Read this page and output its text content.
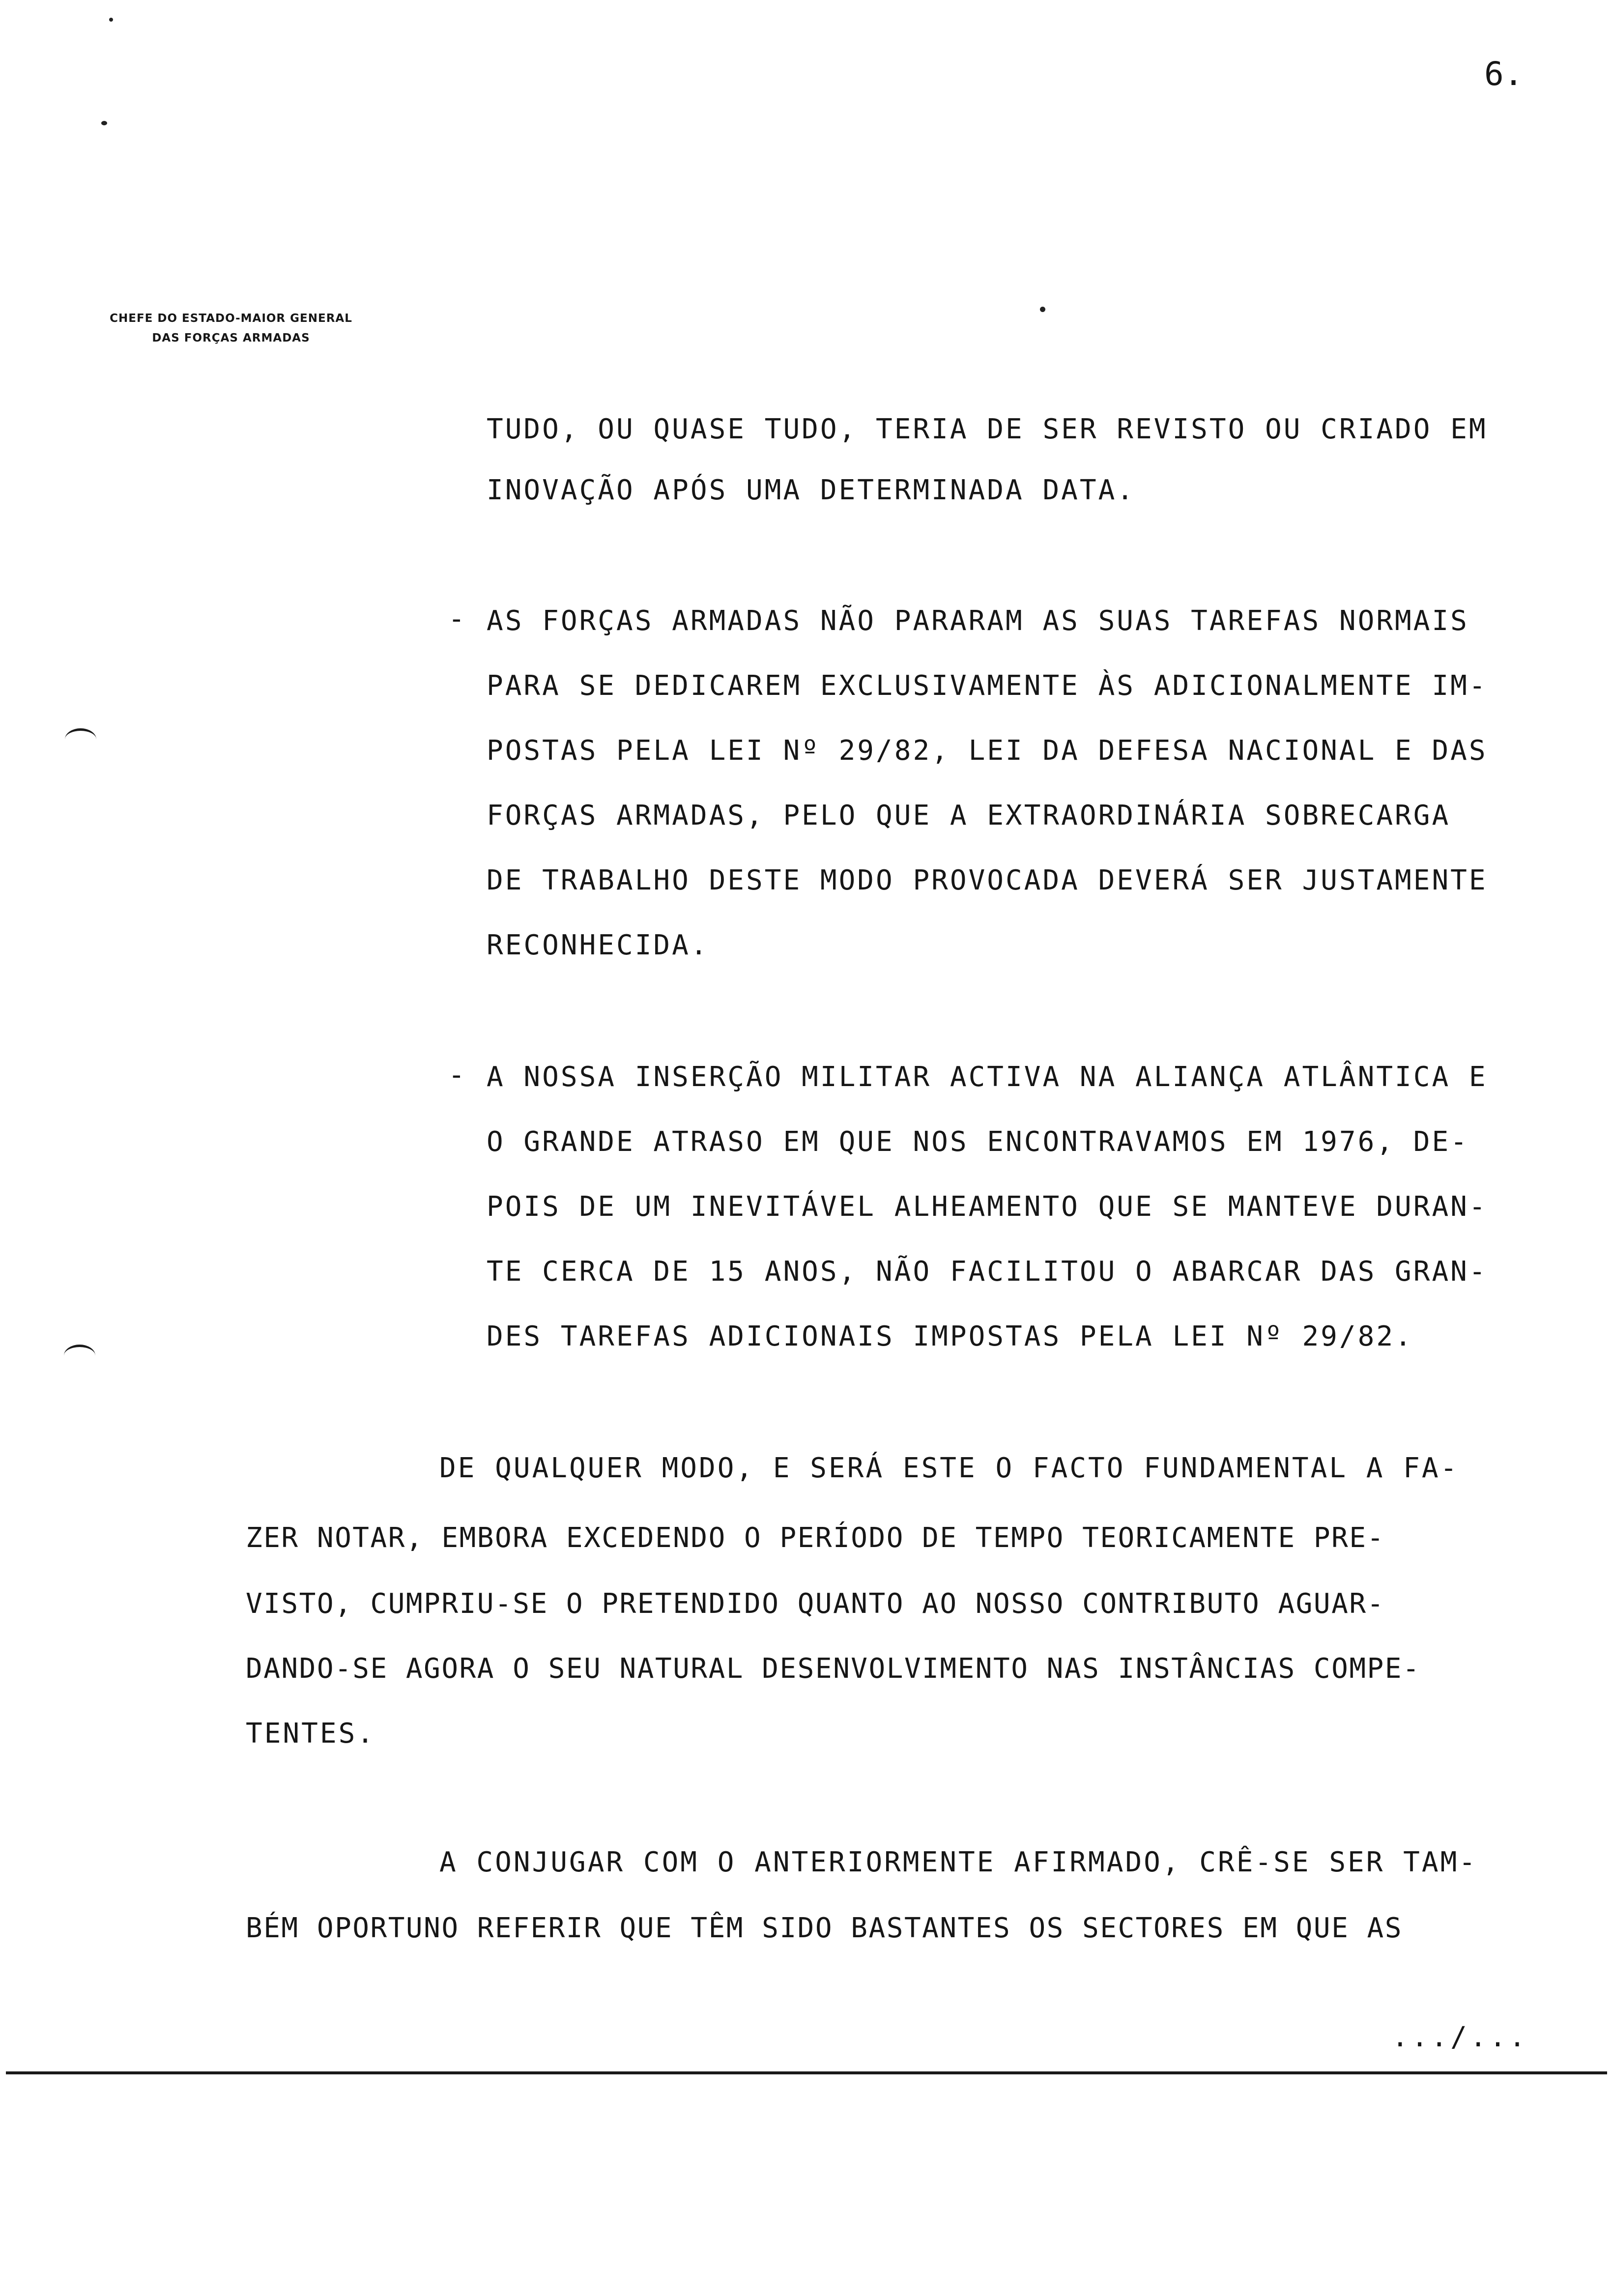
6.
CHEFE DO ESTADO-MAIOR GENERAL
DAS FORÇAS ARMADAS
TUDO, OU QUASE TUDO, TERIA DE SER REVISTO OU CRIADO EM
INOVAÇÃO APÓS UMA DETERMINADA DATA.
- AS FORÇAS ARMADAS NÃO PARARAM AS SUAS TAREFAS NORMAIS
PARA SE DEDICAREM EXCLUSIVAMENTE ÀS ADICIONALMENTE IM-
POSTAS PELA LEI Nº 29/82, LEI DA DEFESA NACIONAL E DAS
FORÇAS ARMADAS, PELO QUE A EXTRAORDINÁRIA SOBRECARGA
DE TRABALHO DESTE MODO PROVOCADA DEVERÁ SER JUSTAMENTE
RECONHECIDA.
- A NOSSA INSERÇÃO MILITAR ACTIVA NA ALIANÇA ATLÂNTICA E
O GRANDE ATRASO EM QUE NOS ENCONTRAVAMOS EM 1976, DE-
POIS DE UM INEVITÁVEL ALHEAMENTO QUE SE MANTEVE DURAN-
TE CERCA DE 15 ANOS, NÃO FACILITOU O ABARCAR DAS GRAN-
DES TAREFAS ADICIONAIS IMPOSTAS PELA LEI Nº 29/82.
DE QUALQUER MODO, E SERÁ ESTE O FACTO FUNDAMENTAL A FA-
ZER NOTAR, EMBORA EXCEDENDO O PERÍODO DE TEMPO TEORICAMENTE PRE-
VISTO, CUMPRIU-SE O PRETENDIDO QUANTO AO NOSSO CONTRIBUTO AGUAR-
DANDO-SE AGORA O SEU NATURAL DESENVOLVIMENTO NAS INSTÂNCIAS COMPE-
TENTES.
A CONJUGAR COM O ANTERIORMENTE AFIRMADO, CRÊ-SE SER TAM-
BÉM OPORTUNO REFERIR QUE TÊM SIDO BASTANTES OS SECTORES EM QUE AS
.../...
